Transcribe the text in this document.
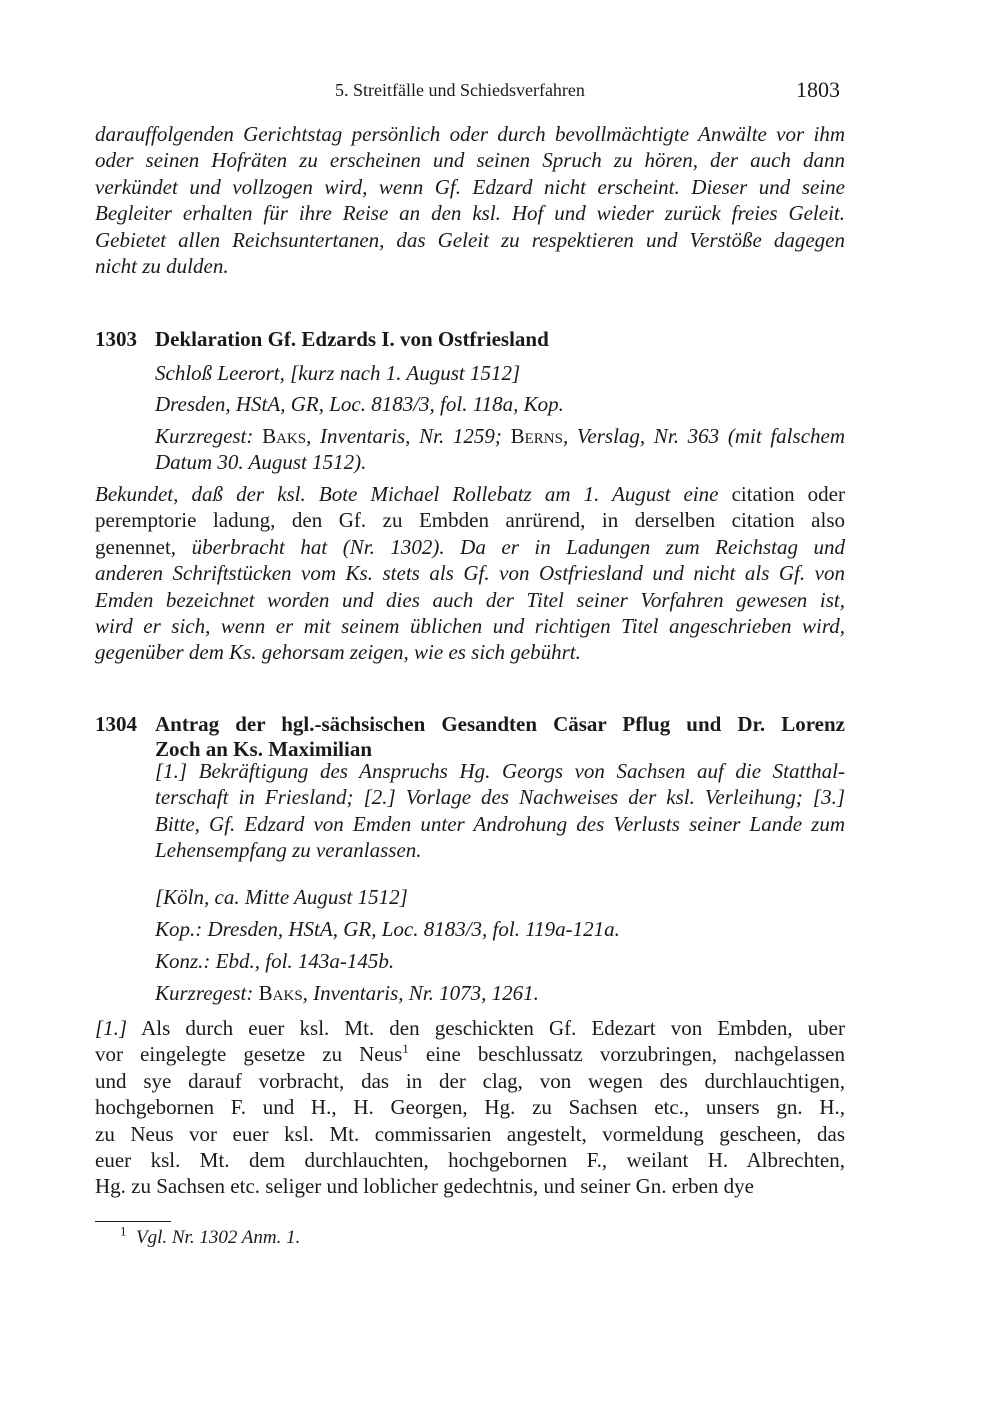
5. Streitfälle und Schiedsverfahren	1803
darauffolgenden Gerichtstag persönlich oder durch bevollmächtigte Anwälte vor ihm
oder seinen Hofräten zu erscheinen und seinen Spruch zu hören, der auch dann
verkündet und vollzogen wird, wenn Gf. Edzard nicht erscheint. Dieser und seine
Begleiter erhalten für ihre Reise an den ksl. Hof und wieder zurück freies Geleit.
Gebietet allen Reichsuntertanen, das Geleit zu respektieren und Verstöße dagegen
nicht zu dulden.
1303 Deklaration Gf. Edzards I. von Ostfriesland
Schloß Leerort, [kurz nach 1. August 1512]
Dresden, HStA, GR, Loc. 8183/3, fol. 118a, Kop.
Kurzregest: Baks, Inventaris, Nr. 1259; Berns, Verslag, Nr. 363 (mit falschem
Datum 30. August 1512).
Bekundet, daß der ksl. Bote Michael Rollebatz am 1. August eine citation oder
peremptorie ladung, den Gf. zu Embden anrürend, in derselben citation also
genennet, überbracht hat (Nr. 1302). Da er in Ladungen zum Reichstag und
anderen Schriftstücken vom Ks. stets als Gf. von Ostfriesland und nicht als Gf. von
Emden bezeichnet worden und dies auch der Titel seiner Vorfahren gewesen ist,
wird er sich, wenn er mit seinem üblichen und richtigen Titel angeschrieben wird,
gegenüber dem Ks. gehorsam zeigen, wie es sich gebührt.
1304 Antrag der hgl.-sächsischen Gesandten Cäsar Pflug und Dr. Lorenz
Zoch an Ks. Maximilian
[1.] Bekräftigung des Anspruchs Hg. Georgs von Sachsen auf die Statthal-
terschaft in Friesland; [2.] Vorlage des Nachweises der ksl. Verleihung; [3.]
Bitte, Gf. Edzard von Emden unter Androhung des Verlusts seiner Lande zum
Lehensempfang zu veranlassen.
[Köln, ca. Mitte August 1512]
Kop.: Dresden, HStA, GR, Loc. 8183/3, fol. 119a-121a.
Konz.: Ebd., fol. 143a-145b.
Kurzregest: Baks, Inventaris, Nr. 1073, 1261.
[1.] Als durch euer ksl. Mt. den geschickten Gf. Edezart von Embden, uber
vor eingelegte gesetze zu Neus$^1$ eine beschlussatz vorzubringen, nachgelassen
und sye darauf vorbracht, das in der clag, von wegen des durchlauchtigen,
hochgebornen F. und H., H. Georgen, Hg. zu Sachsen etc., unsers gn. H.,
zu Neus vor euer ksl. Mt. commissarien angestelt, vormeldung gescheen, das
euer ksl. Mt. dem durchlauchten, hochgebornen F., weilant H. Albrechten,
Hg. zu Sachsen etc. seliger und loblicher gedechtnis, und seiner Gn. erben dye
$^1$ Vgl. Nr. 1302 Anm. 1.
